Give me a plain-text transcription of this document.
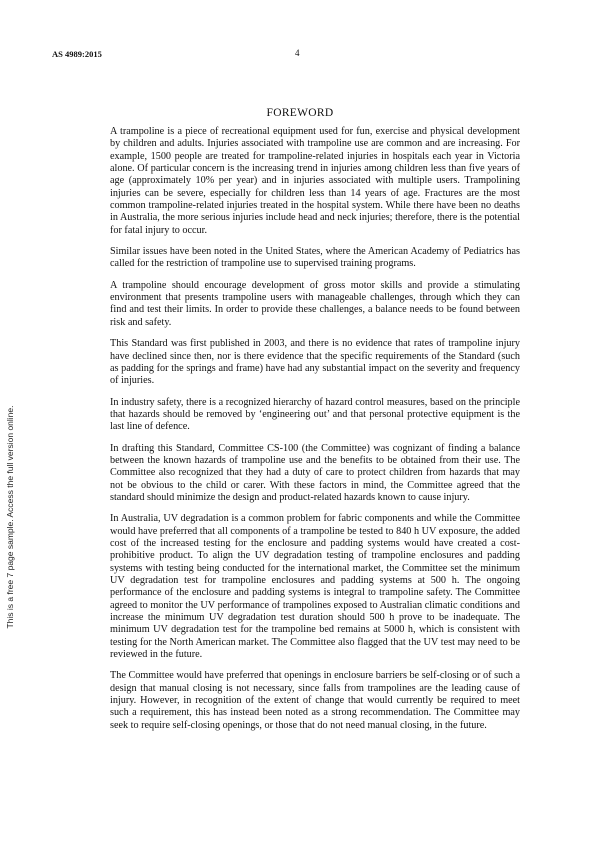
AS 4989:2015	4
This is a free 7 page sample. Access the full version online.
FOREWORD

A trampoline is a piece of recreational equipment used for fun, exercise and physical development by children and adults. Injuries associated with trampoline use are common and are increasing. For example, 1500 people are treated for trampoline-related injuries in hospitals each year in Victoria alone. Of particular concern is the increasing trend in injuries among children less than five years of age (approximately 10% per year) and in injuries associated with multiple users. Trampolining injuries can be severe, especially for children less than 14 years of age. Fractures are the most common trampoline-related injuries treated in the hospital system. While there have been no deaths in Australia, the more serious injuries include head and neck injuries; therefore, there is the potential for fatal injury to occur.

Similar issues have been noted in the United States, where the American Academy of Pediatrics has called for the restriction of trampoline use to supervised training programs.

A trampoline should encourage development of gross motor skills and provide a stimulating environment that presents trampoline users with manageable challenges, through which they can find and test their limits. In order to provide these challenges, a balance needs to be found between risk and safety.

This Standard was first published in 2003, and there is no evidence that rates of trampoline injury have declined since then, nor is there evidence that the specific requirements of the Standard (such as padding for the springs and frame) have had any substantial impact on the severity and frequency of injuries.

In industry safety, there is a recognized hierarchy of hazard control measures, based on the principle that hazards should be removed by ‘engineering out’ and that personal protective equipment is the last line of defence.

In drafting this Standard, Committee CS-100 (the Committee) was cognizant of finding a balance between the known hazards of trampoline use and the benefits to be obtained from their use. The Committee also recognized that they had a duty of care to protect children from hazards that may not be obvious to the child or carer. With these factors in mind, the Committee agreed that the standard should minimize the design and product-related hazards known to cause injury.

In Australia, UV degradation is a common problem for fabric components and while the Committee would have preferred that all components of a trampoline be tested to 840 h UV exposure, the added cost of the increased testing for the enclosure and padding systems would have created a cost-prohibitive product. To align the UV degradation testing of trampoline enclosures and padding systems with testing being conducted for the international market, the Committee set the minimum UV degradation test for trampoline enclosures and padding systems at 500 h. The ongoing performance of the enclosure and padding systems is integral to trampoline safety. The Committee agreed to monitor the UV performance of trampolines exposed to Australian climatic conditions and increase the minimum UV degradation test duration should 500 h prove to be inadequate. The minimum UV degradation test for the trampoline bed remains at 5000 h, which is consistent with testing for the North American market. The Committee also flagged that the UV test may need to be reviewed in the future.

The Committee would have preferred that openings in enclosure barriers be self-closing or of such a design that manual closing is not necessary, since falls from trampolines are the leading cause of injury. However, in recognition of the extent of change that would currently be required to meet such a requirement, this has instead been noted as a strong recommendation. The Committee may seek to require self-closing openings, or those that do not need manual closing, in the future.
